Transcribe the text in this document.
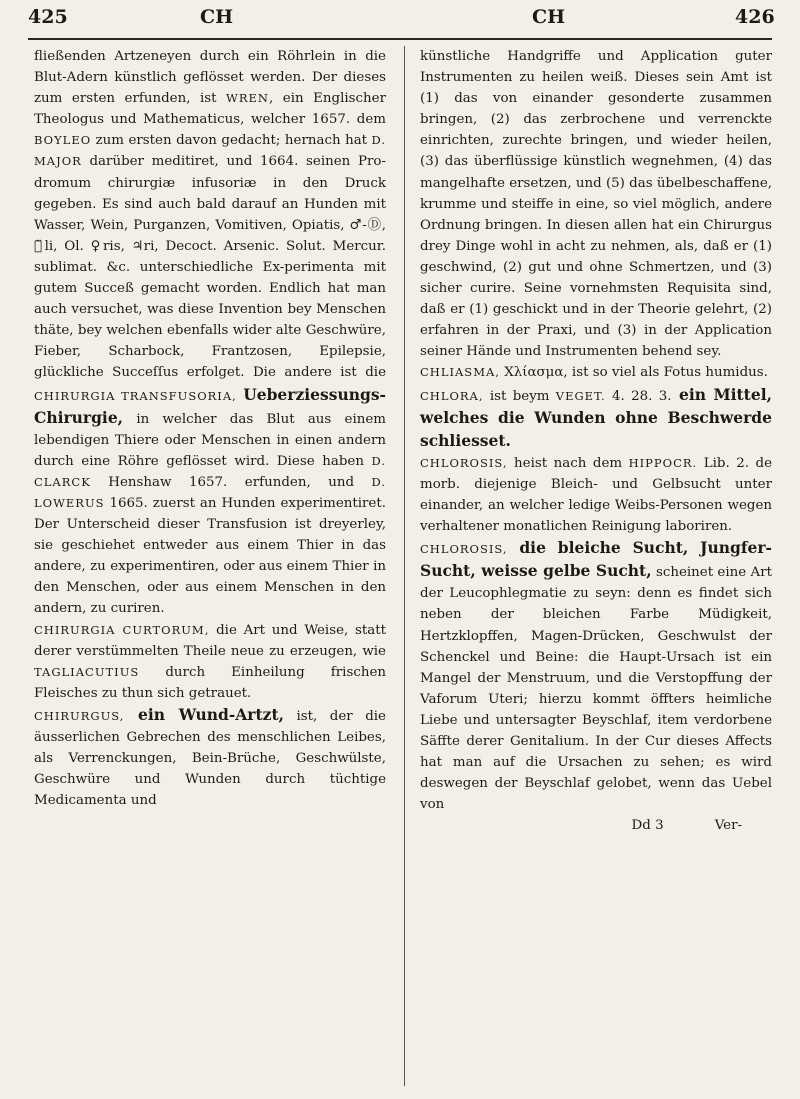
425	CH	CH	426

fließenden Artzeneyen durch ein Röhrlein in die Blut-Adern künstlich geflösset werden. Der dieses zum ersten erfunden, ist WREN, ein Englischer Theologus und Mathematicus, welcher 1657. dem BOYLEO zum ersten davon gedacht; hernach hat D. MAJOR darüber meditiret, und 1664. seinen Pro-dromum chirurgiæ infusoriæ in den Druck gegeben. Es sind auch bald darauf an Hunden mit Wasser, Wein, Purganzen, Vomitiven, Opiatis, ♂-Ⓓ, Ⓔ̃li, Ol. ♀ris, ♃ri, Decoct. Arsenic. Solut. Mercur. sublimat. &c. unterschiedliche Ex-perimenta mit gutem Succeß gemacht worden. Endlich hat man auch versuchet, was diese Invention bey Menschen thäte, bey welchen ebenfalls wider alte Geschwüre, Fieber, Scharbock, Frantzosen, Epilepsie, glückliche Succeſſus erfolget. Die andere ist die CHIRURGIA TRANSFUSORIA, Ueberziessungs-Chirurgie, in welcher das Blut aus einem lebendigen Thiere oder Menschen in einen andern durch eine Röhre geflösset wird. Diese haben D. CLARCK Henshaw 1657. erfunden, und D. LOWERUS 1665. zuerst an Hunden experimentiret. Der Unterscheid dieser Transfusion ist dreyerley, sie geschiehet entweder aus einem Thier in das andere, zu experimentiren, oder aus einem Thier in den Menschen, oder aus einem Menschen in den andern, zu curiren.

CHIRURGIA CURTORUM, die Art und Weise, statt derer verstümmelten Theile neue zu erzeugen, wie TAGLIACUTIUS durch Einheilung frischen Fleisches zu thun sich getrauet.

CHIRURGUS, ein Wund-Artzt, ist, der die äusserlichen Gebrechen des menschlichen Leibes, als Verrenckungen, Bein-Brüche, Geschwülste, Geschwüre und Wunden durch tüchtige Medicamenta und

künstliche Handgriffe und Application guter Instrumenten zu heilen weiß. Dieses sein Amt ist (1) das von einander gesonderte zusammen bringen, (2) das zerbrochene und verrenckte einrichten, zurechte bringen, und wieder heilen, (3) das überflüssige künstlich wegnehmen, (4) das mangelhafte ersetzen, und (5) das übelbeschaffene, krumme und steiffe in eine, so viel möglich, andere Ordnung bringen. In diesen allen hat ein Chirurgus drey Dinge wohl in acht zu nehmen, als, daß er (1) geschwind, (2) gut und ohne Schmertzen, und (3) sicher curire. Seine vornehmsten Requisita sind, daß er (1) geschickt und in der Theorie gelehrt, (2) erfahren in der Praxi, und (3) in der Application seiner Hände und Instrumenten behend sey.

CHLIASMA, Χλίασμα, ist so viel als Fotus humidus.

CHLORA, ist beym VEGET. 4. 28. 3. ein Mittel, welches die Wunden ohne Beschwerde schliesset.

CHLOROSIS, heist nach dem HIPPOCR. Lib. 2. de morb. diejenige Bleich- und Gelbsucht unter einander, an welcher ledige Weibs-Personen wegen verhaltener monatlichen Reinigung laboriren.

CHLOROSIS, die bleiche Sucht, Jungfer-Sucht, weisse gelbe Sucht, scheinet eine Art der Leucophlegmatie zu seyn: denn es findet sich neben der bleichen Farbe Müdigkeit, Hertzklopffen, Magen-Drücken, Geschwulst der Schenckel und Beine: die Haupt-Ursach ist ein Mangel der Menstruum, und die Verstopffung der Vaforum Uteri; hierzu kommt öffters heimliche Liebe und untersagter Beyschlaf, item verdorbene Säffte derer Genitalium. In der Cur dieses Affects hat man auf die Ursachen zu sehen; es wird deswegen der Beyschlaf gelobet, wenn das Uebel von

Dd 3	Ver-
